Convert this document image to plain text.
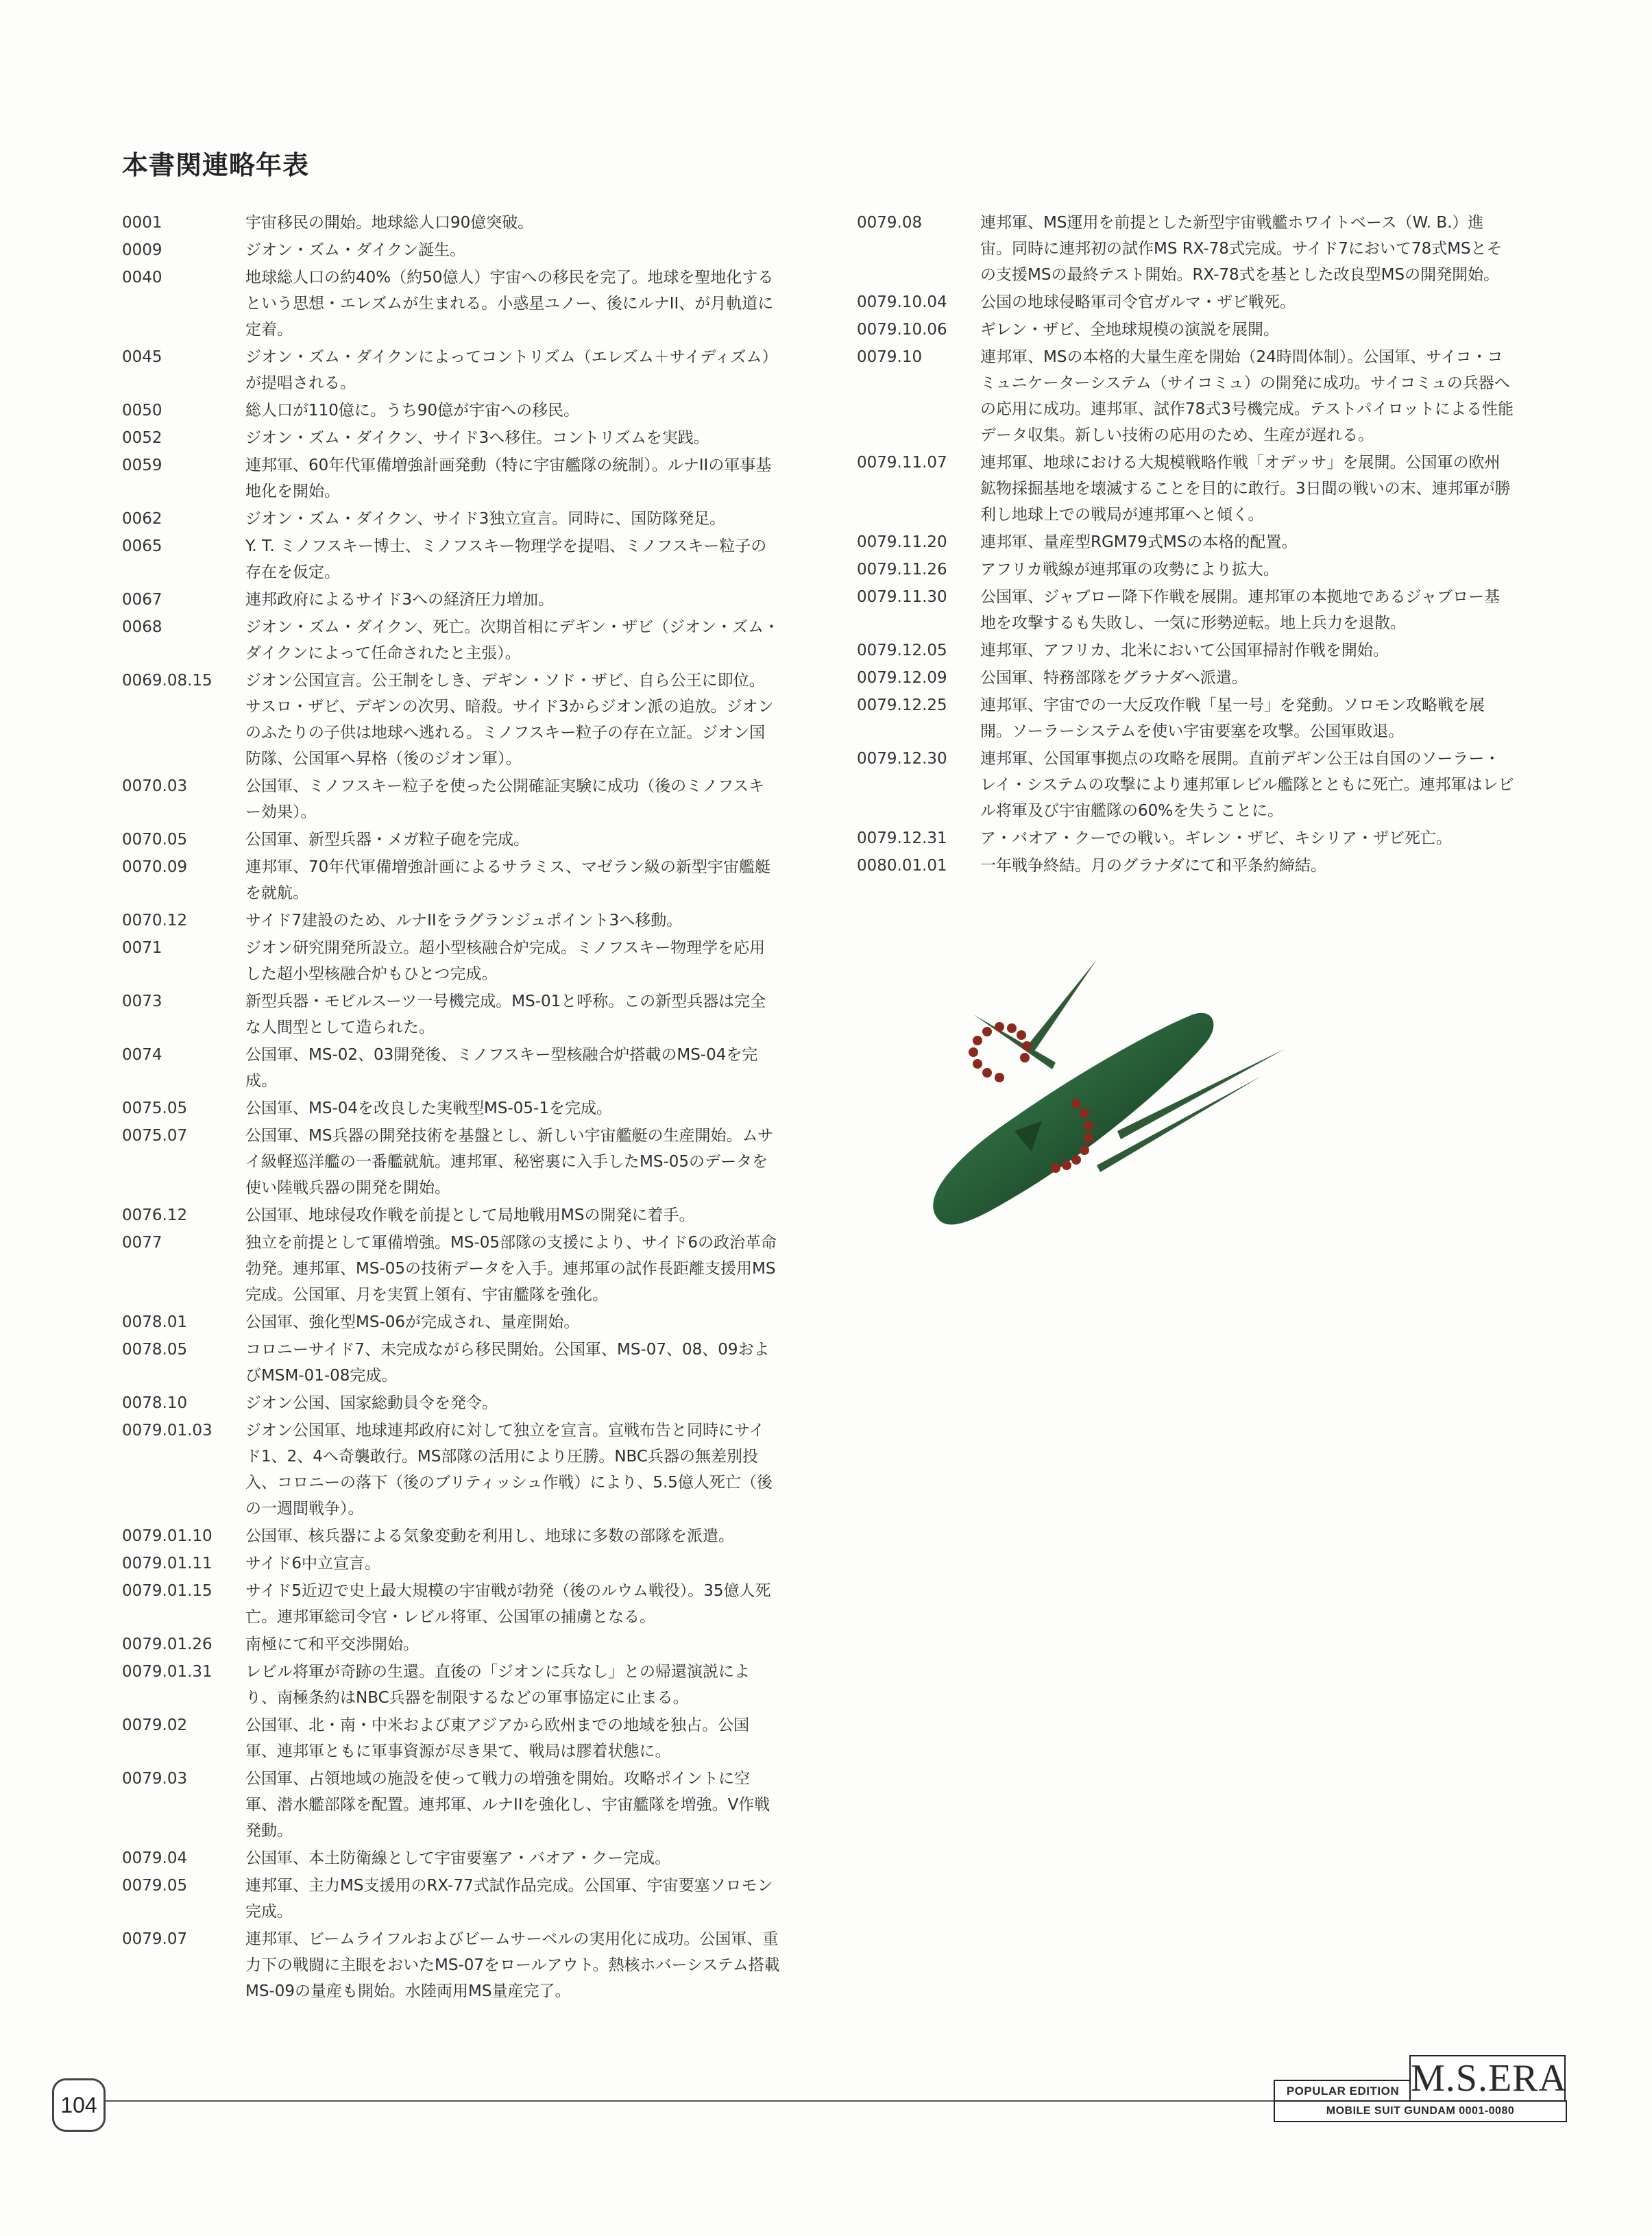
本書関連略年表
0001	宇宙移民の開始。地球総人口90億突破。
0009	ジオン・ズム・ダイクン誕生。
0040	地球総人口の約40%（約50億人）宇宙への移民を完了。地球を聖地化するという思想・エレズムが生まれる。小惑星ユノー、後にルナII、が月軌道に定着。
0045	ジオン・ズム・ダイクンによってコントリズム（エレズム＋サイディズム）が提唱される。
0050	総人口が110億に。うち90億が宇宙への移民。
0052	ジオン・ズム・ダイクン、サイド3へ移住。コントリズムを実践。
0059	連邦軍、60年代軍備増強計画発動（特に宇宙艦隊の統制）。ルナIIの軍事基地化を開始。
0062	ジオン・ズム・ダイクン、サイド3独立宣言。同時に、国防隊発足。
0065	Y. T. ミノフスキー博士、ミノフスキー物理学を提唱、ミノフスキー粒子の存在を仮定。
0067	連邦政府によるサイド3への経済圧力増加。
0068	ジオン・ズム・ダイクン、死亡。次期首相にデギン・ザビ（ジオン・ズム・ダイクンによって任命されたと主張）。
0069.08.15	ジオン公国宣言。公王制をしき、デギン・ソド・ザビ、自ら公王に即位。サスロ・ザビ、デギンの次男、暗殺。サイド3からジオン派の追放。ジオンのふたりの子供は地球へ逃れる。ミノフスキー粒子の存在立証。ジオン国防隊、公国軍へ昇格（後のジオン軍）。
0070.03	公国軍、ミノフスキー粒子を使った公開確証実験に成功（後のミノフスキー効果）。
0070.05	公国軍、新型兵器・メガ粒子砲を完成。
0070.09	連邦軍、70年代軍備増強計画によるサラミス、マゼラン級の新型宇宙艦艇を就航。
0070.12	サイド7建設のため、ルナIIをラグランジュポイント3へ移動。
0071	ジオン研究開発所設立。超小型核融合炉完成。ミノフスキー物理学を応用した超小型核融合炉もひとつ完成。
0073	新型兵器・モビルスーツ一号機完成。MS-01と呼称。この新型兵器は完全な人間型として造られた。
0074	公国軍、MS-02、03開発後、ミノフスキー型核融合炉搭載のMS-04を完成。
0075.05	公国軍、MS-04を改良した実戦型MS-05-1を完成。
0075.07	公国軍、MS兵器の開発技術を基盤とし、新しい宇宙艦艇の生産開始。ムサイ級軽巡洋艦の一番艦就航。連邦軍、秘密裏に入手したMS-05のデータを使い陸戦兵器の開発を開始。
0076.12	公国軍、地球侵攻作戦を前提として局地戦用MSの開発に着手。
0077	独立を前提として軍備増強。MS-05部隊の支援により、サイド6の政治革命勃発。連邦軍、MS-05の技術データを入手。連邦軍の試作長距離支援用MS完成。公国軍、月を実質上領有、宇宙艦隊を強化。
0078.01	公国軍、強化型MS-06が完成され、量産開始。
0078.05	コロニーサイド7、未完成ながら移民開始。公国軍、MS-07、08、09およびMSM-01-08完成。
0078.10	ジオン公国、国家総動員令を発令。
0079.01.03	ジオン公国軍、地球連邦政府に対して独立を宣言。宣戦布告と同時にサイド1、2、4へ奇襲敢行。MS部隊の活用により圧勝。NBC兵器の無差別投入、コロニーの落下（後のブリティッシュ作戦）により、5.5億人死亡（後の一週間戦争）。
0079.01.10	公国軍、核兵器による気象変動を利用し、地球に多数の部隊を派遣。
0079.01.11	サイド6中立宣言。
0079.01.15	サイド5近辺で史上最大規模の宇宙戦が勃発（後のルウム戦役）。35億人死亡。連邦軍総司令官・レビル将軍、公国軍の捕虜となる。
0079.01.26	南極にて和平交渉開始。
0079.01.31	レビル将軍が奇跡の生還。直後の「ジオンに兵なし」との帰還演説により、南極条約はNBC兵器を制限するなどの軍事協定に止まる。
0079.02	公国軍、北・南・中米および東アジアから欧州までの地域を独占。公国軍、連邦軍ともに軍事資源が尽き果て、戦局は膠着状態に。
0079.03	公国軍、占領地域の施設を使って戦力の増強を開始。攻略ポイントに空軍、潜水艦部隊を配置。連邦軍、ルナIIを強化し、宇宙艦隊を増強。V作戦発動。
0079.04	公国軍、本土防衛線として宇宙要塞ア・バオア・クー完成。
0079.05	連邦軍、主力MS支援用のRX-77式試作品完成。公国軍、宇宙要塞ソロモン完成。
0079.07	連邦軍、ビームライフルおよびビームサーベルの実用化に成功。公国軍、重力下の戦闘に主眼をおいたMS-07をロールアウト。熱核ホバーシステム搭載MS-09の量産も開始。水陸両用MS量産完了。
0079.08	連邦軍、MS運用を前提とした新型宇宙戦艦ホワイトベース（W. B.）進宙。同時に連邦初の試作MS RX-78式完成。サイド7において78式MSとその支援MSの最終テスト開始。RX-78式を基とした改良型MSの開発開始。
0079.10.04	公国の地球侵略軍司令官ガルマ・ザビ戦死。
0079.10.06	ギレン・ザビ、全地球規模の演説を展開。
0079.10	連邦軍、MSの本格的大量生産を開始（24時間体制）。公国軍、サイコ・コミュニケーターシステム（サイコミュ）の開発に成功。サイコミュの兵器への応用に成功。連邦軍、試作78式3号機完成。テストパイロットによる性能データ収集。新しい技術の応用のため、生産が遅れる。
0079.11.07	連邦軍、地球における大規模戦略作戦「オデッサ」を展開。公国軍の欧州鉱物採掘基地を壊滅することを目的に敢行。3日間の戦いの末、連邦軍が勝利し地球上での戦局が連邦軍へと傾く。
0079.11.20	連邦軍、量産型RGM79式MSの本格的配置。
0079.11.26	アフリカ戦線が連邦軍の攻勢により拡大。
0079.11.30	公国軍、ジャブロー降下作戦を展開。連邦軍の本拠地であるジャブロー基地を攻撃するも失敗し、一気に形勢逆転。地上兵力を退散。
0079.12.05	連邦軍、アフリカ、北米において公国軍掃討作戦を開始。
0079.12.09	公国軍、特務部隊をグラナダへ派遣。
0079.12.25	連邦軍、宇宙での一大反攻作戦「星一号」を発動。ソロモン攻略戦を展開。ソーラーシステムを使い宇宙要塞を攻撃。公国軍敗退。
0079.12.30	連邦軍、公国軍事拠点の攻略を展開。直前デギン公王は自国のソーラー・レイ・システムの攻撃により連邦軍レビル艦隊とともに死亡。連邦軍はレビル将軍及び宇宙艦隊の60%を失うことに。
0079.12.31	ア・バオア・クーでの戦い。ギレン・ザビ、キシリア・ザビ死亡。
0080.01.01	一年戦争終結。月のグラナダにて和平条約締結。
104
POPULAR EDITION M.S.ERA
MOBILE SUIT GUNDAM 0001-0080
